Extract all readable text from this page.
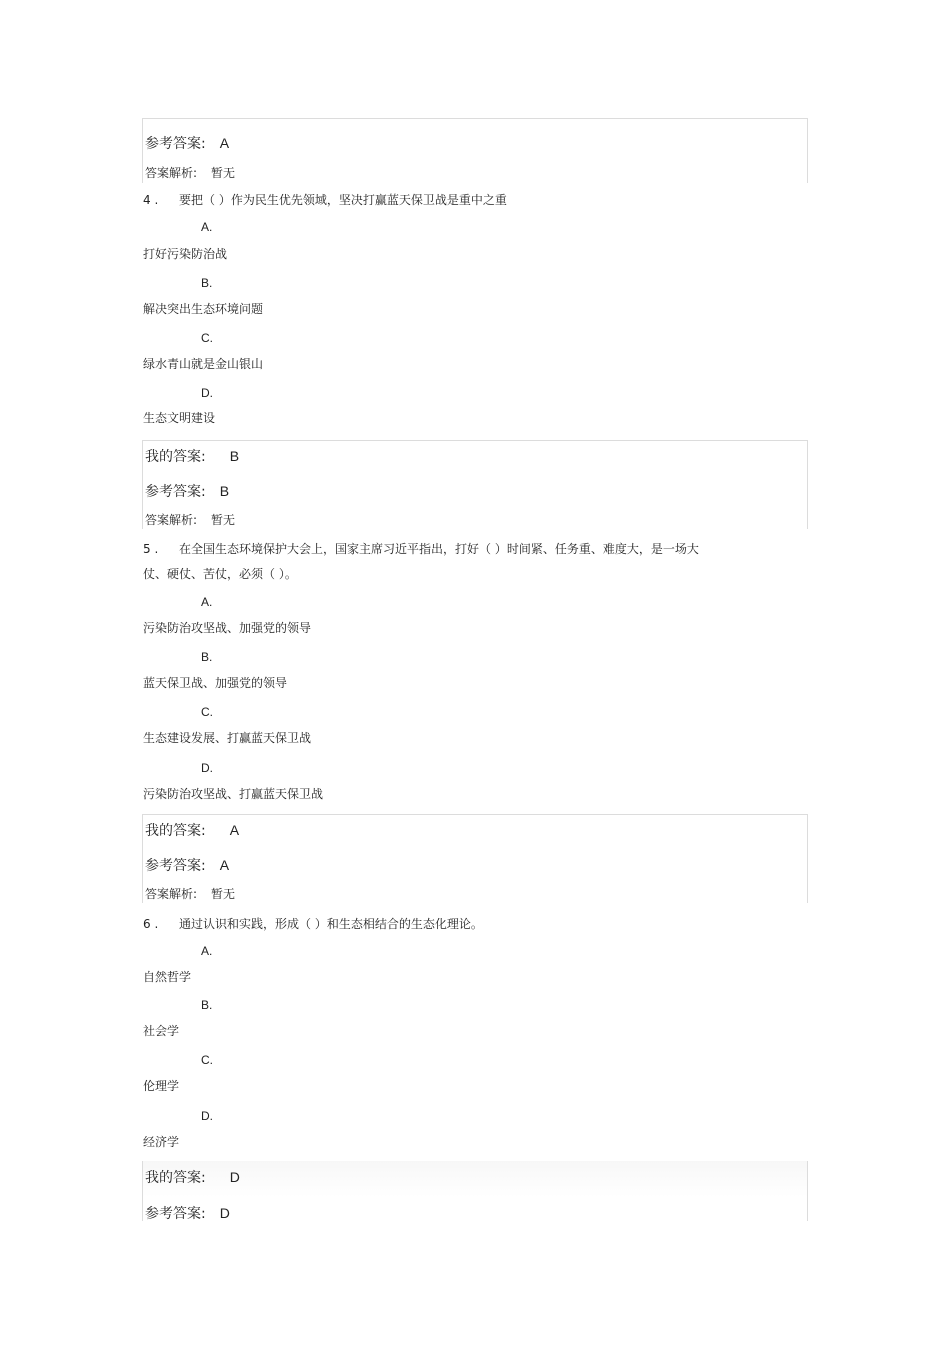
参考答案: A
答案解析: 暂无
4 . 要把（ ）作为民生优先领域，坚决打赢蓝天保卫战是重中之重
A.
打好污染防治战
B.
解决突出生态环境问题
C.
绿水青山就是金山银山
D.
生态文明建设
我的答案: B
参考答案: B
答案解析: 暂无
5 . 在全国生态环境保护大会上，国家主席习近平指出，打好（ ）时间紧、任务重、难度大，是一场大
仗、硬仗、苦仗，必须（ ）。
A.
污染防治攻坚战、加强党的领导
B.
蓝天保卫战、加强党的领导
C.
生态建设发展、打赢蓝天保卫战
D.
污染防治攻坚战、打赢蓝天保卫战
我的答案: A
参考答案: A
答案解析: 暂无
6 . 通过认识和实践，形成（ ）和生态相结合的生态化理论。
A.
自然哲学
B.
社会学
C.
伦理学
D.
经济学
我的答案: D
参考答案: D
